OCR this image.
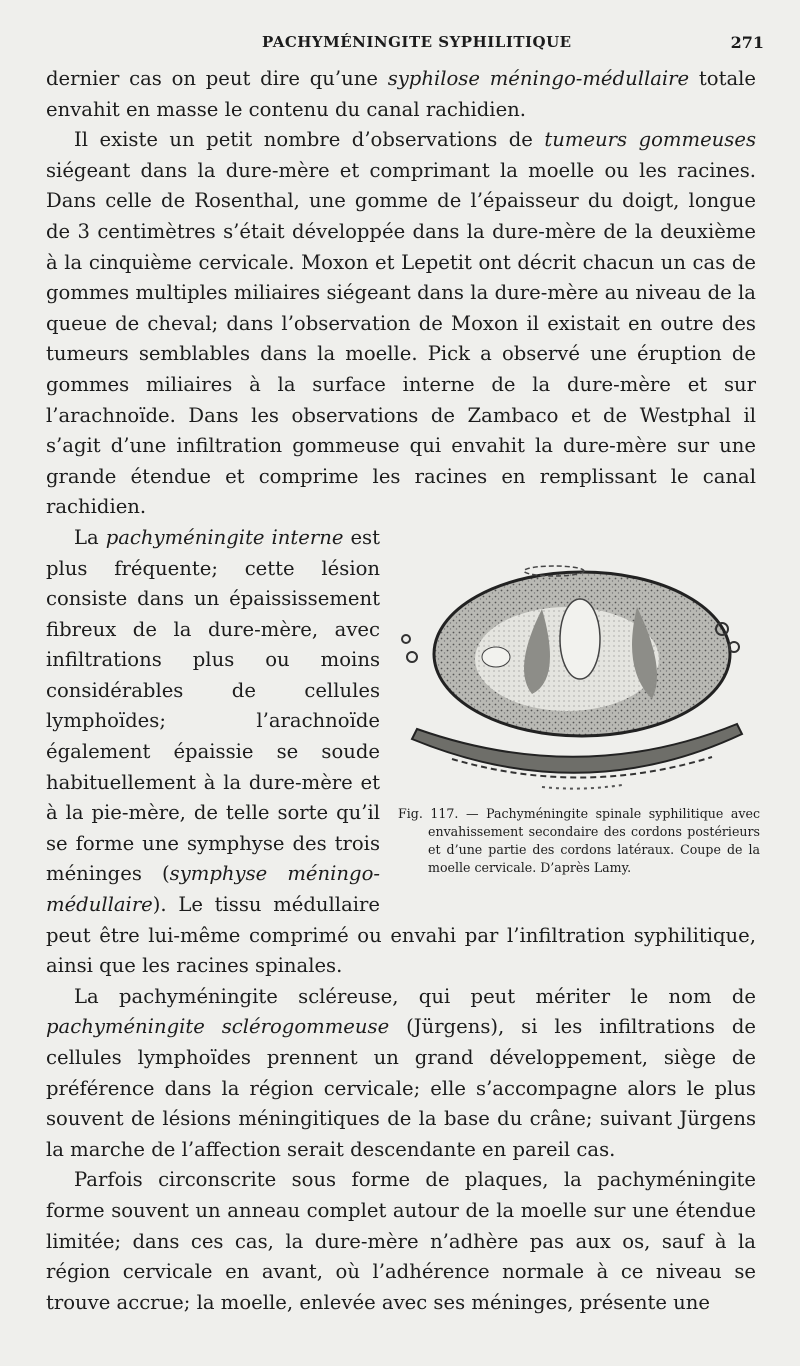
PACHYMÉNINGITE SYPHILITIQUE	271

dernier cas on peut dire qu’une syphilose méningo-médullaire totale envahit en masse le contenu du canal rachidien.

Il existe un petit nombre d’observations de tumeurs gommeuses siégeant dans la dure-mère et comprimant la moelle ou les racines. Dans celle de Rosenthal, une gomme de l’épaisseur du doigt, longue de 3 centimètres s’était développée dans la dure-mère de la deuxième à la cinquième cervicale. Moxon et Lepetit ont décrit chacun un cas de gommes multiples miliaires siégeant dans la dure-mère au niveau de la queue de cheval; dans l’observation de Moxon il existait en outre des tumeurs semblables dans la moelle. Pick a observé une éruption de gommes miliaires à la surface interne de la dure-mère et sur l’arachnoïde. Dans les observations de Zambaco et de Westphal il s’agit d’une infiltration gommeuse qui envahit la dure-mère sur une grande étendue et comprime les racines en remplissant le canal rachidien.

Fig. 117. — Pachyméningite spinale syphilitique avec envahissement secondaire des cordons postérieurs et d’une partie des cordons latéraux. Coupe de la moelle cervicale. D’après Lamy.

La pachyméningite interne est plus fréquente; cette lésion consiste dans un épaississement fibreux de la dure-mère, avec infiltrations plus ou moins considérables de cellules lymphoïdes; l’arachnoïde également épaissie se soude habituellement à la dure-mère et à la pie-mère, de telle sorte qu’il se forme une symphyse des trois méninges (symphyse méningo-médullaire). Le tissu médullaire peut être lui-même comprimé ou envahi par l’infiltration syphilitique, ainsi que les racines spinales.

La pachyméningite scléreuse, qui peut mériter le nom de pachyméningite sclérogommeuse (Jürgens), si les infiltrations de cellules lymphoïdes prennent un grand développement, siège de préférence dans la région cervicale; elle s’accompagne alors le plus souvent de lésions méningitiques de la base du crâne; suivant Jürgens la marche de l’affection serait descendante en pareil cas.

Parfois circonscrite sous forme de plaques, la pachyméningite forme souvent un anneau complet autour de la moelle sur une étendue limitée; dans ces cas, la dure-mère n’adhère pas aux os, sauf à la région cervicale en avant, où l’adhérence normale à ce niveau se trouve accrue; la moelle, enlevée avec ses méninges, présente une
